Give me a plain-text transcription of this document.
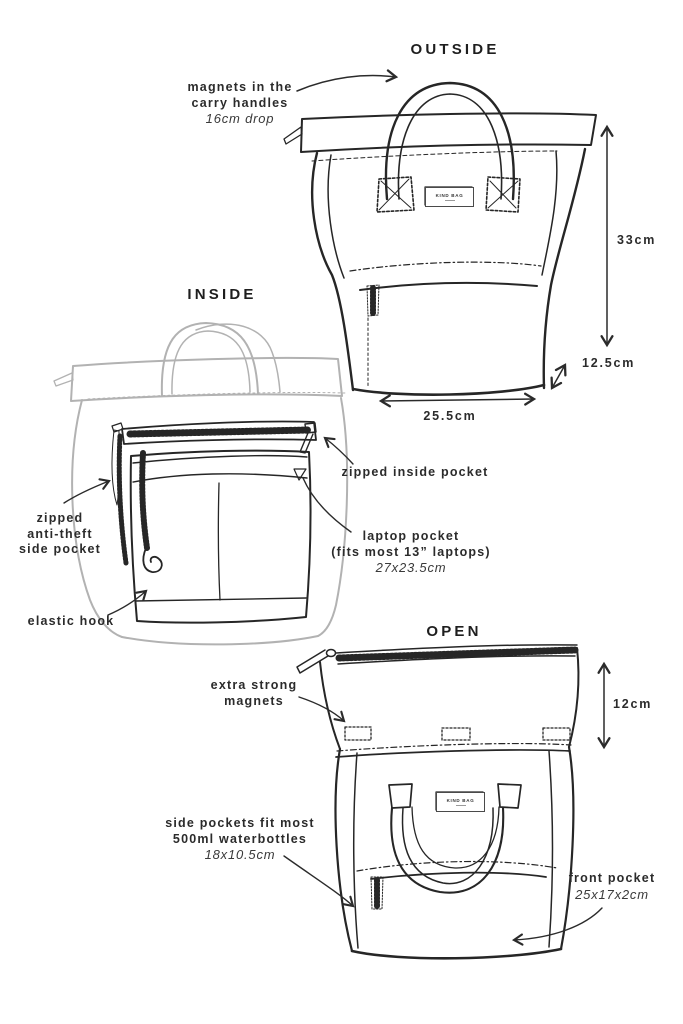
OUTSIDE
magnets in the
carry handles
16cm drop
33cm
12.5cm
25.5cm
KIND BAG
INSIDE
zipped inside pocket
laptop pocket
(fits most 13” laptops)
27x23.5cm
zipped
anti-theft
side pocket
elastic hook
OPEN
extra strong
magnets	12cm
side pockets fit most
500ml waterbottles
18x10.5cm
front pocket
25x17x2cm
KIND BAG
